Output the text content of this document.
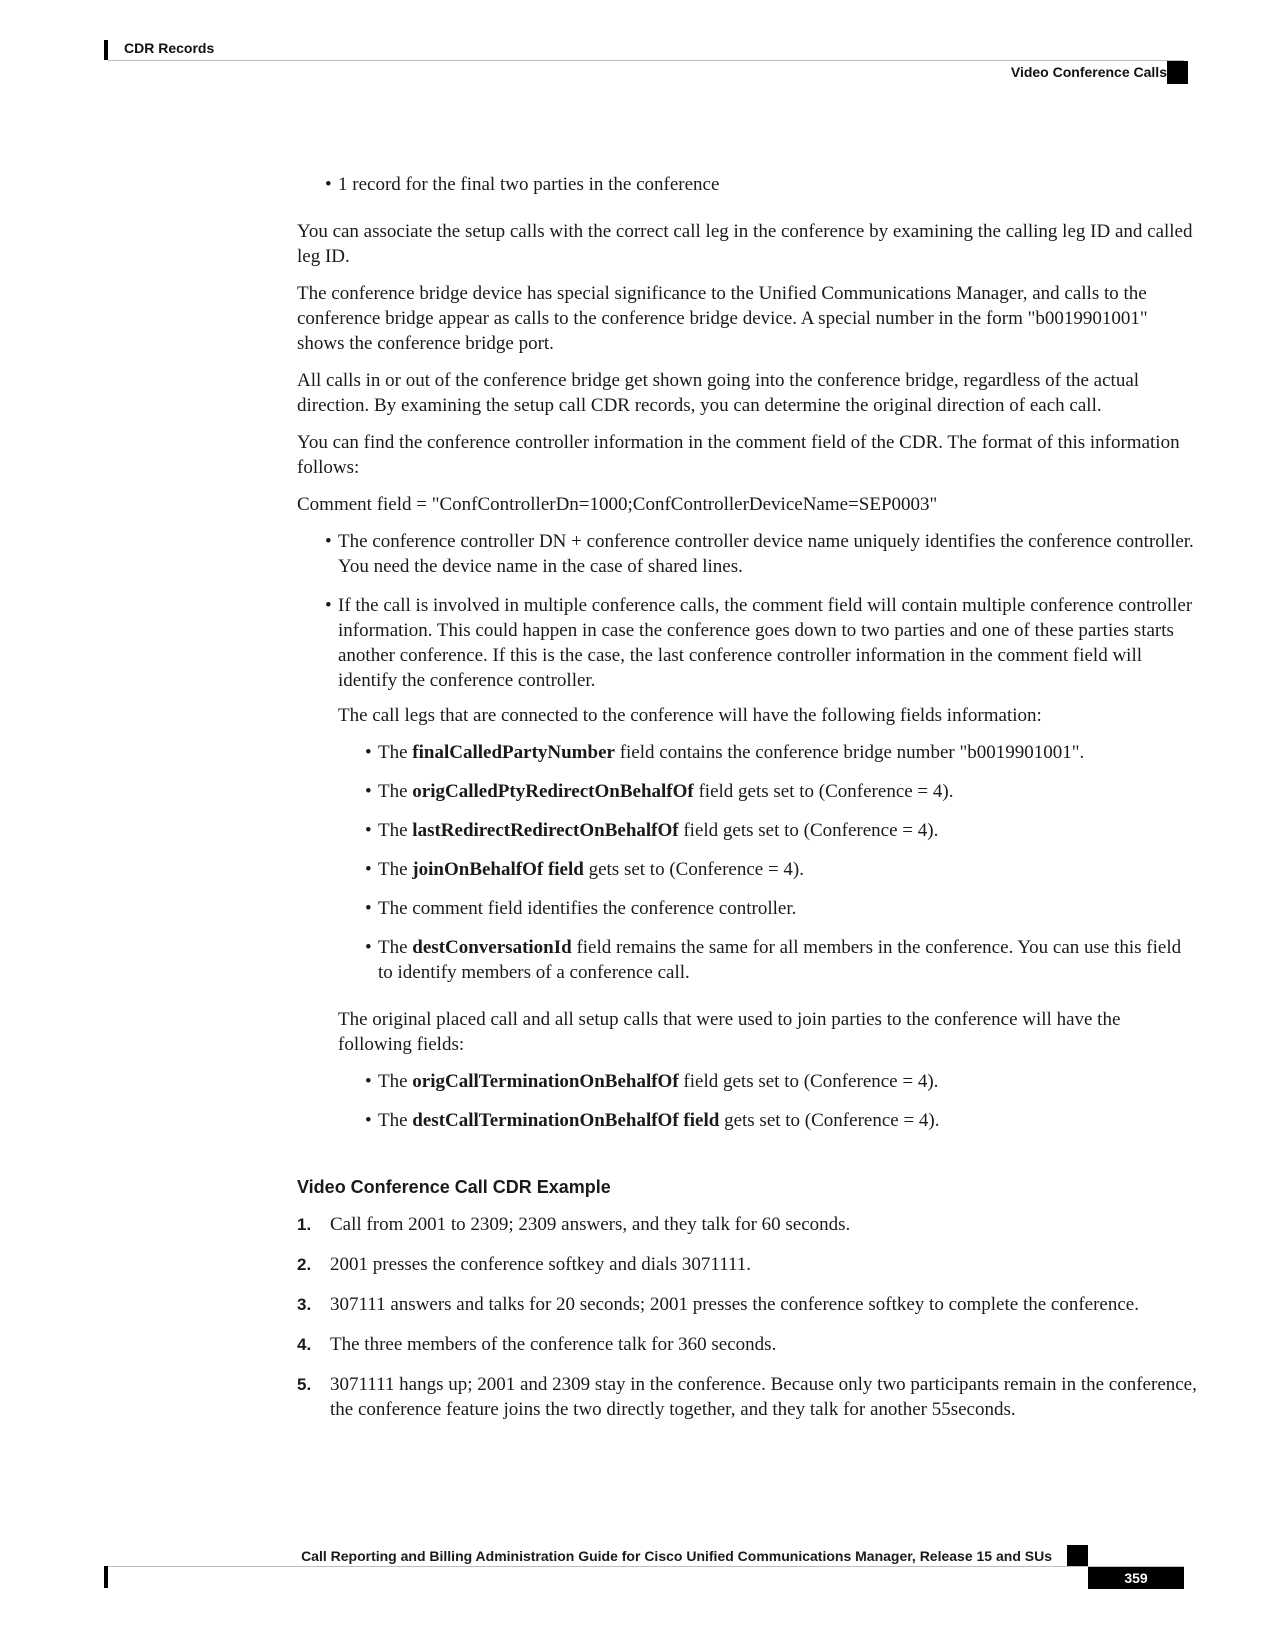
CDR Records
Video Conference Calls
• 1 record for the final two parties in the conference

You can associate the setup calls with the correct call leg in the conference by examining the calling leg ID and called leg ID.

The conference bridge device has special significance to the Unified Communications Manager, and calls to the conference bridge appear as calls to the conference bridge device. A special number in the form "b0019901001" shows the conference bridge port.

All calls in or out of the conference bridge get shown going into the conference bridge, regardless of the actual direction. By examining the setup call CDR records, you can determine the original direction of each call.

You can find the conference controller information in the comment field of the CDR. The format of this information follows:

Comment field = "ConfControllerDn=1000;ConfControllerDeviceName=SEP0003"

• The conference controller DN + conference controller device name uniquely identifies the conference controller. You need the device name in the case of shared lines.
• If the call is involved in multiple conference calls, the comment field will contain multiple conference controller information. This could happen in case the conference goes down to two parties and one of these parties starts another conference. If this is the case, the last conference controller information in the comment field will identify the conference controller.

The call legs that are connected to the conference will have the following fields information:

• The finalCalledPartyNumber field contains the conference bridge number "b0019901001".
• The origCalledPtyRedirectOnBehalfOf field gets set to (Conference = 4).
• The lastRedirectRedirectOnBehalfOf field gets set to (Conference = 4).
• The joinOnBehalfOf field gets set to (Conference = 4).
• The comment field identifies the conference controller.
• The destConversationId field remains the same for all members in the conference. You can use this field to identify members of a conference call.

The original placed call and all setup calls that were used to join parties to the conference will have the following fields:

• The origCallTerminationOnBehalfOf field gets set to (Conference = 4).
• The destCallTerminationOnBehalfOf field gets set to (Conference = 4).
Video Conference Call CDR Example
1. Call from 2001 to 2309; 2309 answers, and they talk for 60 seconds.
2. 2001 presses the conference softkey and dials 3071111.
3. 307111 answers and talks for 20 seconds; 2001 presses the conference softkey to complete the conference.
4. The three members of the conference talk for 360 seconds.
5. 3071111 hangs up; 2001 and 2309 stay in the conference. Because only two participants remain in the conference, the conference feature joins the two directly together, and they talk for another 55seconds.
Call Reporting and Billing Administration Guide for Cisco Unified Communications Manager, Release 15 and SUs
359
